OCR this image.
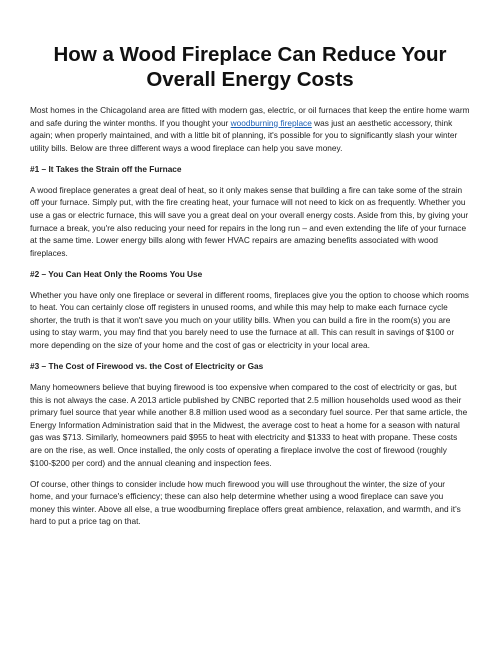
How a Wood Fireplace Can Reduce Your Overall Energy Costs

Most homes in the Chicagoland area are fitted with modern gas, electric, or oil furnaces that keep the entire home warm and safe during the winter months. If you thought your woodburning fireplace was just an aesthetic accessory, think again; when properly maintained, and with a little bit of planning, it's possible for you to significantly slash your winter utility bills. Below are three different ways a wood fireplace can help you save money.

#1 – It Takes the Strain off the Furnace

A wood fireplace generates a great deal of heat, so it only makes sense that building a fire can take some of the strain off your furnace. Simply put, with the fire creating heat, your furnace will not need to kick on as frequently. Whether you use a gas or electric furnace, this will save you a great deal on your overall energy costs. Aside from this, by giving your furnace a break, you're also reducing your need for repairs in the long run – and even extending the life of your furnace at the same time. Lower energy bills along with fewer HVAC repairs are amazing benefits associated with wood fireplaces.

#2 – You Can Heat Only the Rooms You Use

Whether you have only one fireplace or several in different rooms, fireplaces give you the option to choose which rooms to heat. You can certainly close off registers in unused rooms, and while this may help to make each furnace cycle shorter, the truth is that it won't save you much on your utility bills. When you can build a fire in the room(s) you are using to stay warm, you may find that you barely need to use the furnace at all. This can result in savings of $100 or more depending on the size of your home and the cost of gas or electricity in your local area.

#3 – The Cost of Firewood vs. the Cost of Electricity or Gas

Many homeowners believe that buying firewood is too expensive when compared to the cost of electricity or gas, but this is not always the case. A 2013 article published by CNBC reported that 2.5 million households used wood as their primary fuel source that year while another 8.8 million used wood as a secondary fuel source. Per that same article, the Energy Information Administration said that in the Midwest, the average cost to heat a home for a season with natural gas was $713. Similarly, homeowners paid $955 to heat with electricity and $1333 to heat with propane. These costs are on the rise, as well. Once installed, the only costs of operating a fireplace involve the cost of firewood (roughly $100-$200 per cord) and the annual cleaning and inspection fees.

Of course, other things to consider include how much firewood you will use throughout the winter, the size of your home, and your furnace's efficiency; these can also help determine whether using a wood fireplace can save you money this winter. Above all else, a true woodburning fireplace offers great ambience, relaxation, and warmth, and it's hard to put a price tag on that.
